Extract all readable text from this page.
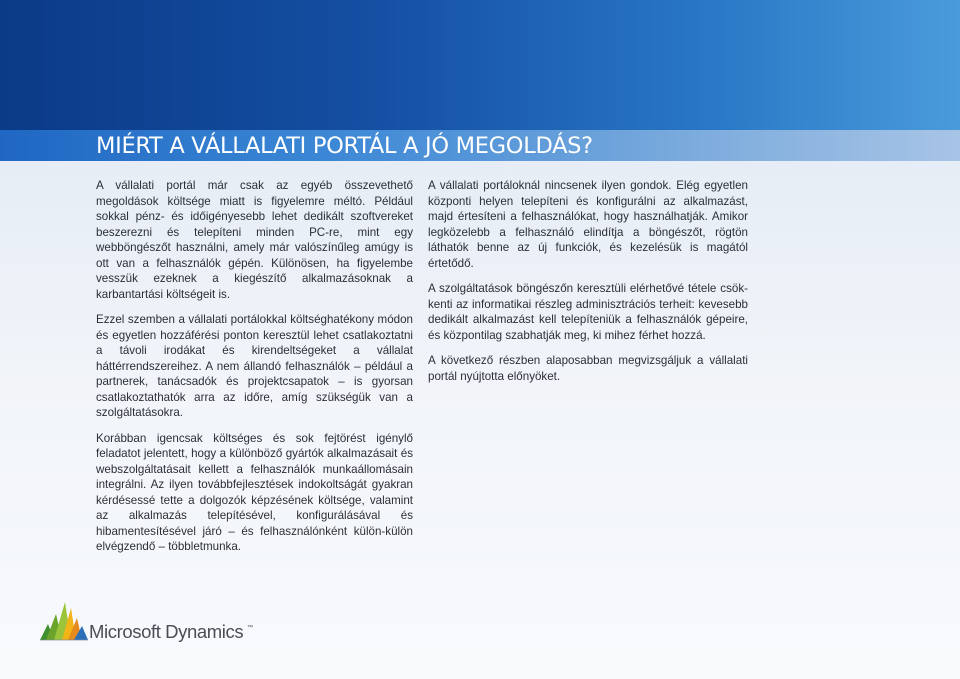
MIÉRT A VÁLLALATI PORTÁL A JÓ MEGOLDÁS?

A vállalati portál már csak az egyéb összevethető megoldások költsége miatt is figyelemre méltó. Például sokkal pénz- és időigényesebb lehet dedikált szoftvereket beszerezni és telepíteni minden PC-re, mint egy webböngészőt használni, amely már valószínűleg amúgy is ott van a felhasználók gépén. Különösen, ha figyelembe vesszük ezeknek a kiegészítő alkalmazásoknak a karbantartási költségeit is.

Ezzel szemben a vállalati portálokkal költséghatékony módon és egyetlen hozzáférési ponton keresztül lehet csatlakoztatni a távoli irodákat és kirendeltségeket a vállalat háttérrendszereihez. A nem állandó felhasználók – például a partnerek, tanácsadók és projektcsapatok – is gyorsan csatlakoztathatók arra az időre, amíg szükségük van a szolgáltatásokra.

Korábban igencsak költséges és sok fejtörést igénylő feladatot jelentett, hogy a különböző gyártók alkalmazásait és webszolgáltatásait kellett a felhasználók munkaállomásain integrálni. Az ilyen továbbfejlesztések indokoltságát gyakran kérdésessé tette a dolgozók képzésének költsége, valamint az alkalmazás telepítésével, konfigurálásával és hibamentesítésével járó – és felhasználónként külön-külön elvégzendő – többletmunka.

A vállalati portáloknál nincsenek ilyen gondok. Elég egyetlen központi helyen telepíteni és konfigurálni az alkalmazást, majd értesíteni a felhasználókat, hogy használhatják. Amikor legközelebb a felhasználó elindítja a böngészőt, rögtön láthatók benne az új funkciók, és kezelésük is magától értetődő.

A szolgáltatások böngészőn keresztüli elérhetővé tétele csökkenti az informatikai részleg adminisztrációs terheit: kevesebb dedikált alkalmazást kell telepíteniük a felhasználók gépeire, és központilag szabhatják meg, ki mihez férhet hozzá.

A következő részben alaposabban megvizsgáljuk a vállalati portál nyújtotta előnyöket.

Microsoft Dynamics ™
